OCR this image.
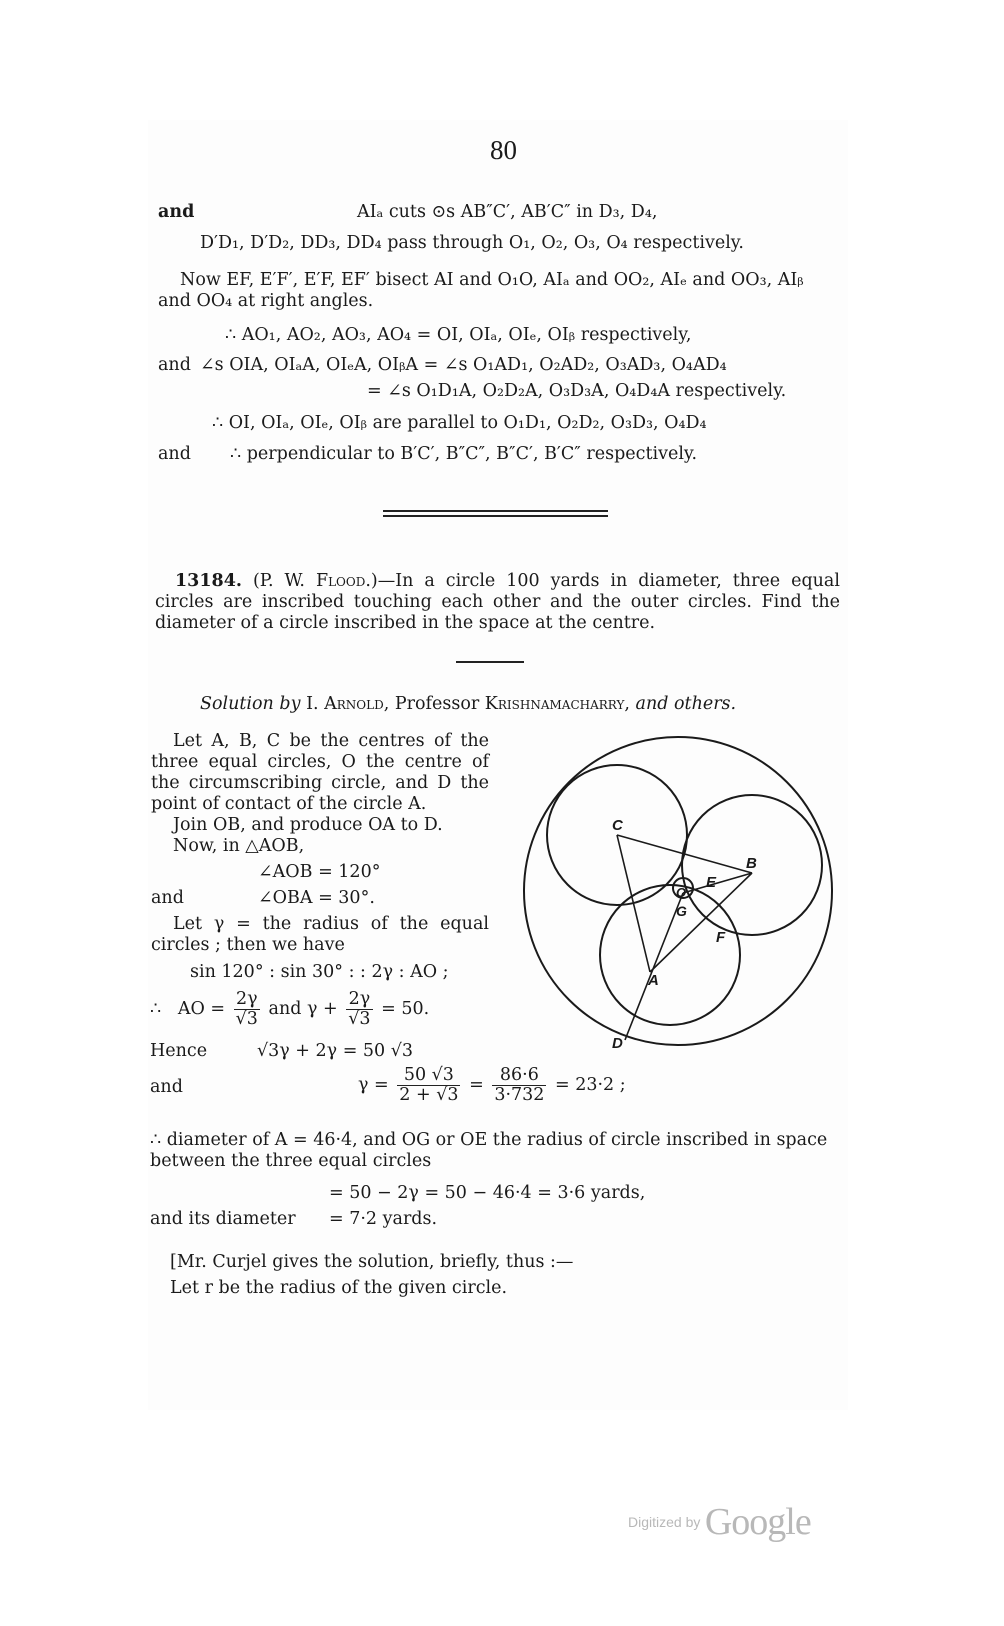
80
and	AIₐ cuts ⊙s AB″C′, AB′C″ in D₃, D₄,
D′D₁, D′D₂, DD₃, DD₄ pass through O₁, O₂, O₃, O₄ respectively.
Now EF, E′F′, E′F, EF′ bisect AI and O₁O, AIₐ and OO₂, AIₑ and OO₃, AIᵦ and OO₄ at right angles.
∴ AO₁, AO₂, AO₃, AO₄ = OI, OIₐ, OIₑ, OIᵦ respectively,
and ∠s OIA, OIₐA, OIₑA, OIᵦA = ∠s O₁AD₁, O₂AD₂, O₃AD₃, O₄AD₄
= ∠s O₁D₁A, O₂D₂A, O₃D₃A, O₄D₄A respectively.
∴ OI, OIₐ, OIₑ, OIᵦ are parallel to O₁D₁, O₂D₂, O₃D₃, O₄D₄
and ∴ perpendicular to B′C′, B″C″, B″C′, B′C″ respectively.
13184. (P. W. Flood.)—In a circle 100 yards in diameter, three equal circles are inscribed touching each other and the outer circles. Find the diameter of a circle inscribed in the space at the centre.
Solution by I. Arnold, Professor Krishnamacharry, and others.
Let A, B, C be the centres of the three equal circles, O the centre of the circumscribing circle, and D the point of contact of the circle A.
Join OB, and produce OA to D.
Now, in △AOB,
∠AOB = 120°
and	∠OBA = 30°.
Let γ = the radius of the equal circles ; then we have
sin 120° : sin 30° : : 2γ : AO ;
∴ AO = $\frac{2\gamma}{√3}$ and $\gamma + \frac{2\gamma}{√3} = 50$.
Hence	√3γ + 2γ = 50 √3
and	$\gamma = \frac{50 √3}{2 + √3} = \frac{86\cdot 6}{3\cdot 732} = 23\cdot 2$ ;
∴ diameter of A = 46·4, and OG or OE the radius of circle inscribed in space between the three equal circles
= 50 − 2γ = 50 − 46·4 = 3·6 yards,
and its diameter = 7·2 yards.
[Mr. Curjel gives the solution, briefly, thus :—
Let r be the radius of the given circle.
C
B
E
O
G
F
A
D
Digitized by Google
